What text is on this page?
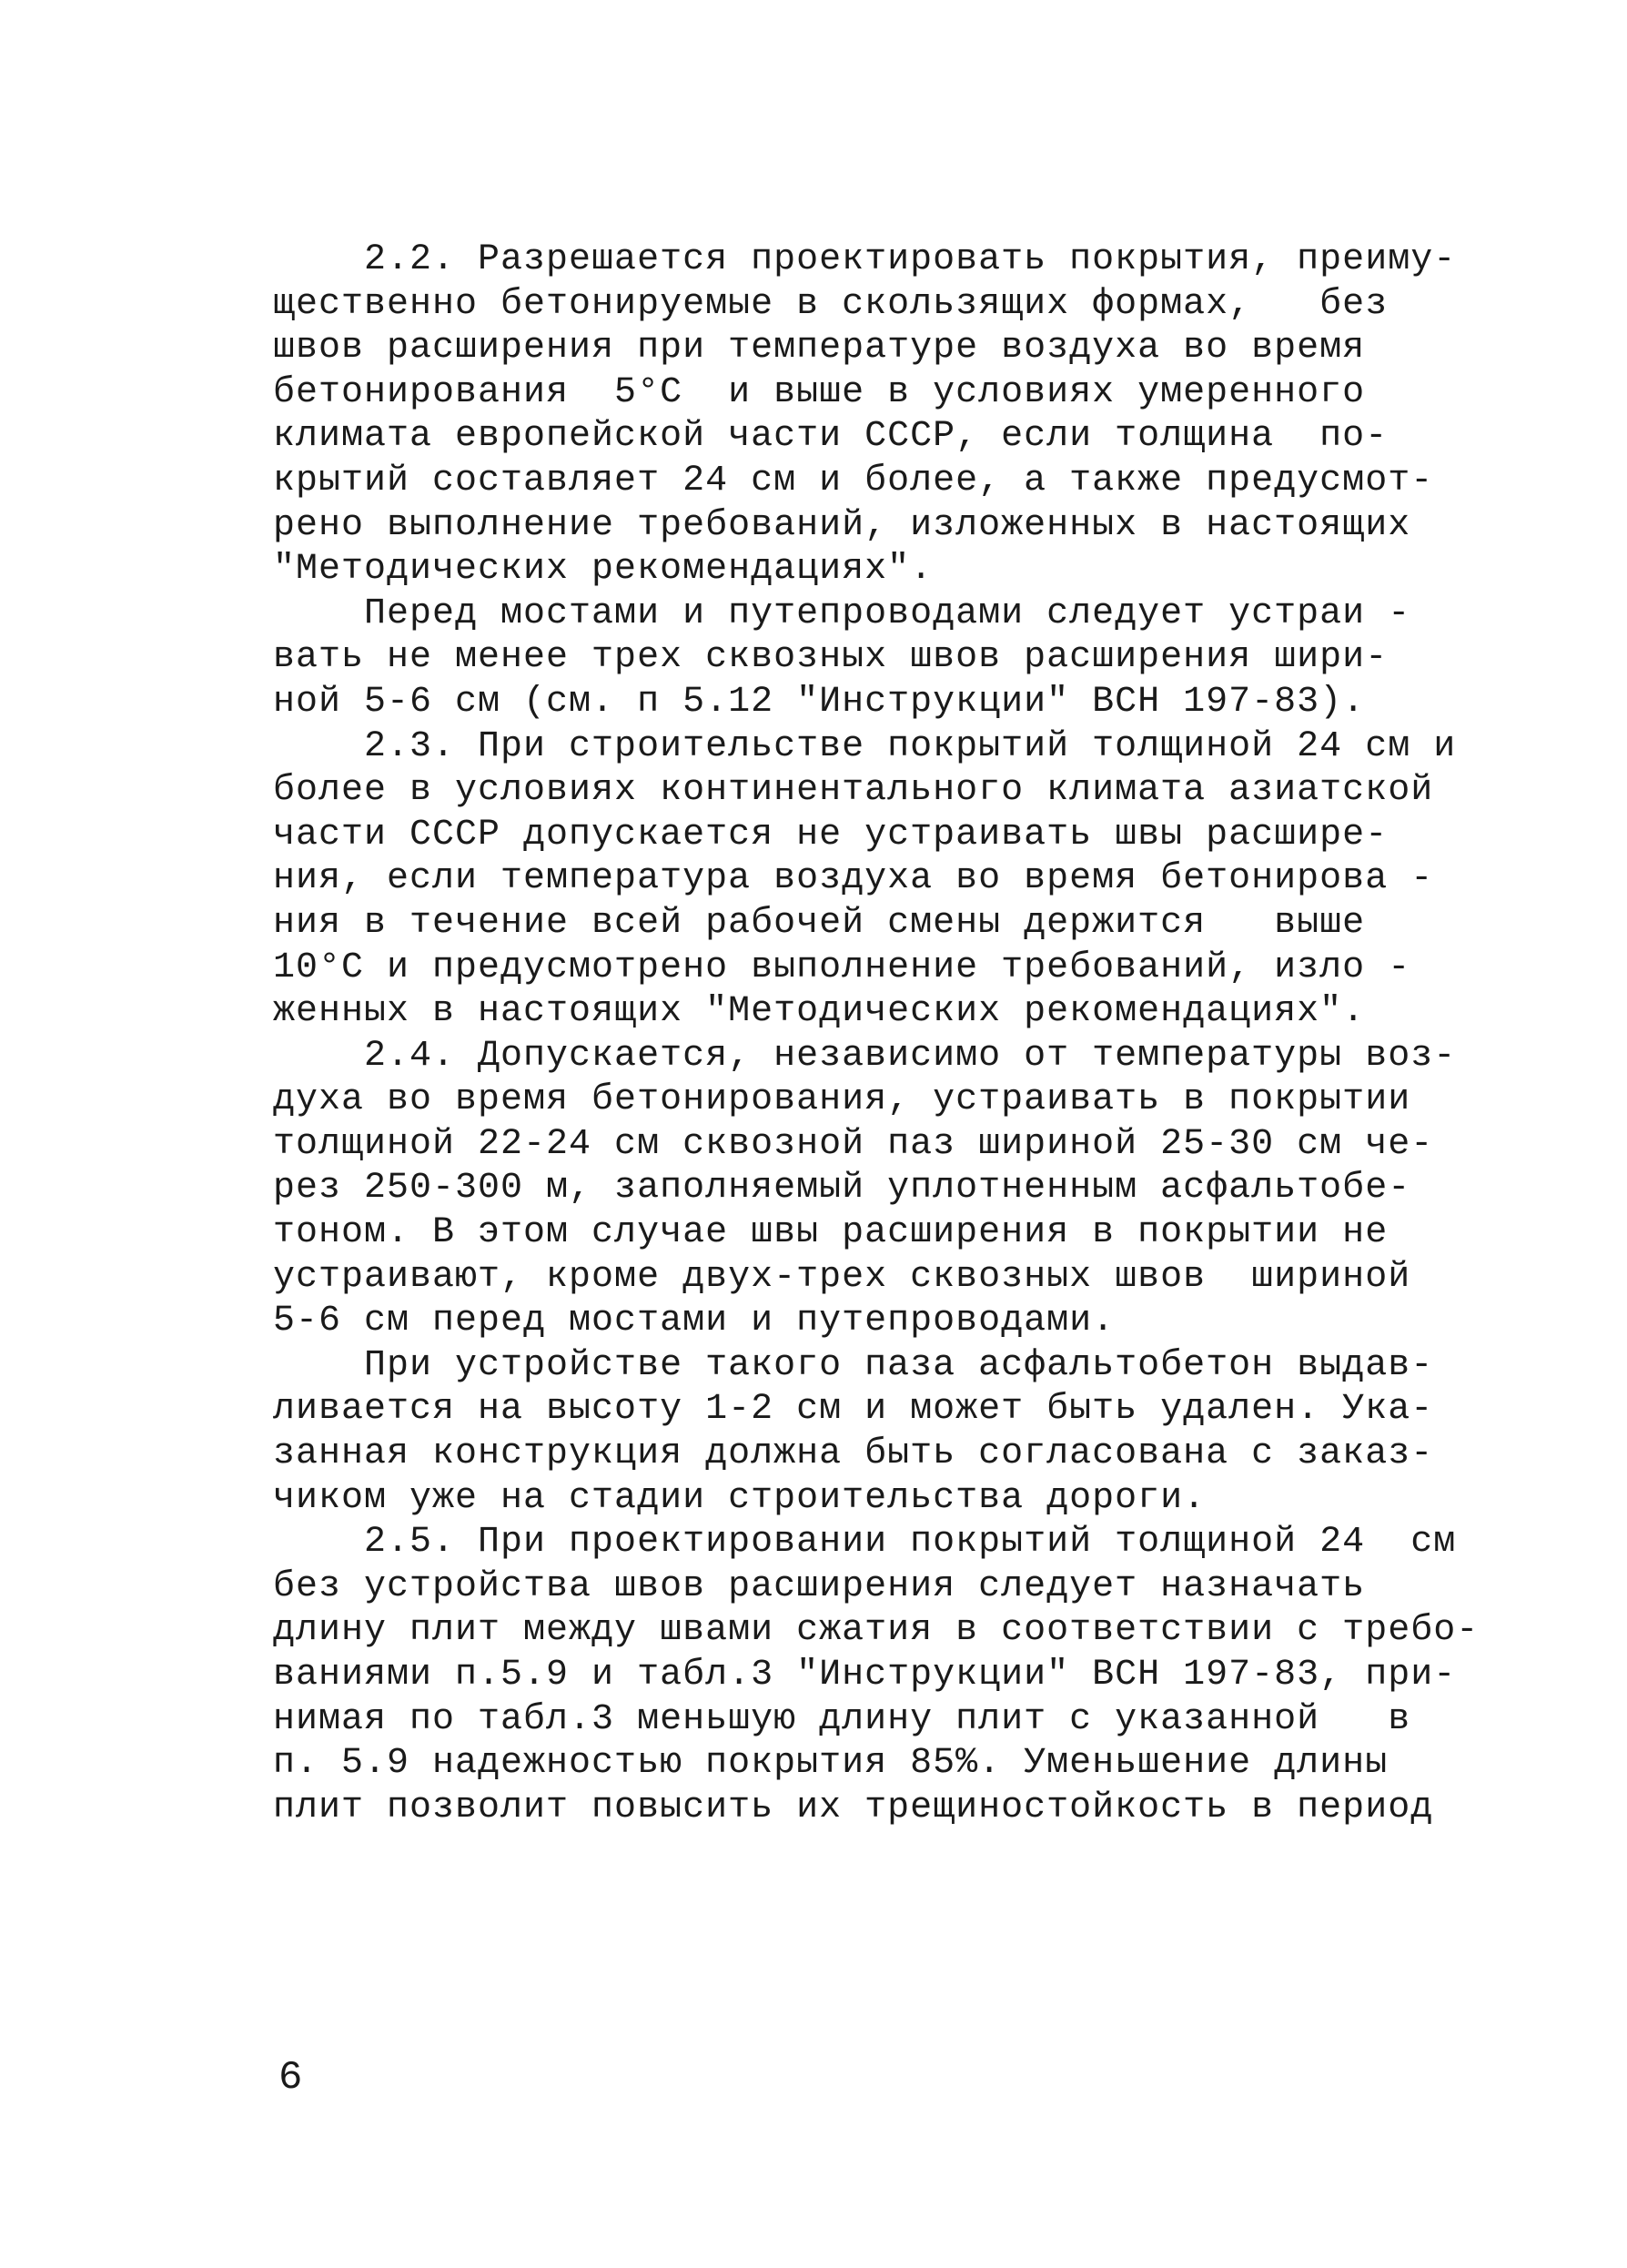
2.2. Разрешается проектировать покрытия, преиму-
щественно бетонируемые в скользящих формах,   без
швов расширения при температуре воздуха во время
бетонирования  5°С  и выше в условиях умеренного
климата европейской части СССР, если толщина  по-
крытий составляет 24 см и более, а также предусмот-
рено выполнение требований, изложенных в настоящих
"Методических рекомендациях".
Перед мостами и путепроводами следует устраи -
вать не менее трех сквозных швов расширения шири-
ной 5-6 см (см. п 5.12 "Инструкции" ВСН 197-83).
2.3. При строительстве покрытий толщиной 24 см и
более в условиях континентального климата азиатской
части СССР допускается не устраивать швы расшире-
ния, если температура воздуха во время бетонирова -
ния в течение всей рабочей смены держится   выше
10°С и предусмотрено выполнение требований, изло -
женных в настоящих "Методических рекомендациях".
2.4. Допускается, независимо от температуры воз-
духа во время бетонирования, устраивать в покрытии
толщиной 22-24 см сквозной паз шириной 25-30 см че-
рез 250-300 м, заполняемый уплотненным асфальтобе-
тоном. В этом случае швы расширения в покрытии не
устраивают, кроме двух-трех сквозных швов  шириной
5-6 см перед мостами и путепроводами.
При устройстве такого паза асфальтобетон выдав-
ливается на высоту 1-2 см и может быть удален. Ука-
занная конструкция должна быть согласована с заказ-
чиком уже на стадии строительства дороги.
2.5. При проектировании покрытий толщиной 24  см
без устройства швов расширения следует назначать
длину плит между швами сжатия в соответствии с требо-
ваниями п.5.9 и табл.3 "Инструкции" ВСН 197-83, при-
нимая по табл.3 меньшую длину плит с указанной   в
п. 5.9 надежностью покрытия 85%. Уменьшение длины
плит позволит повысить их трещиностойкость в период
6
